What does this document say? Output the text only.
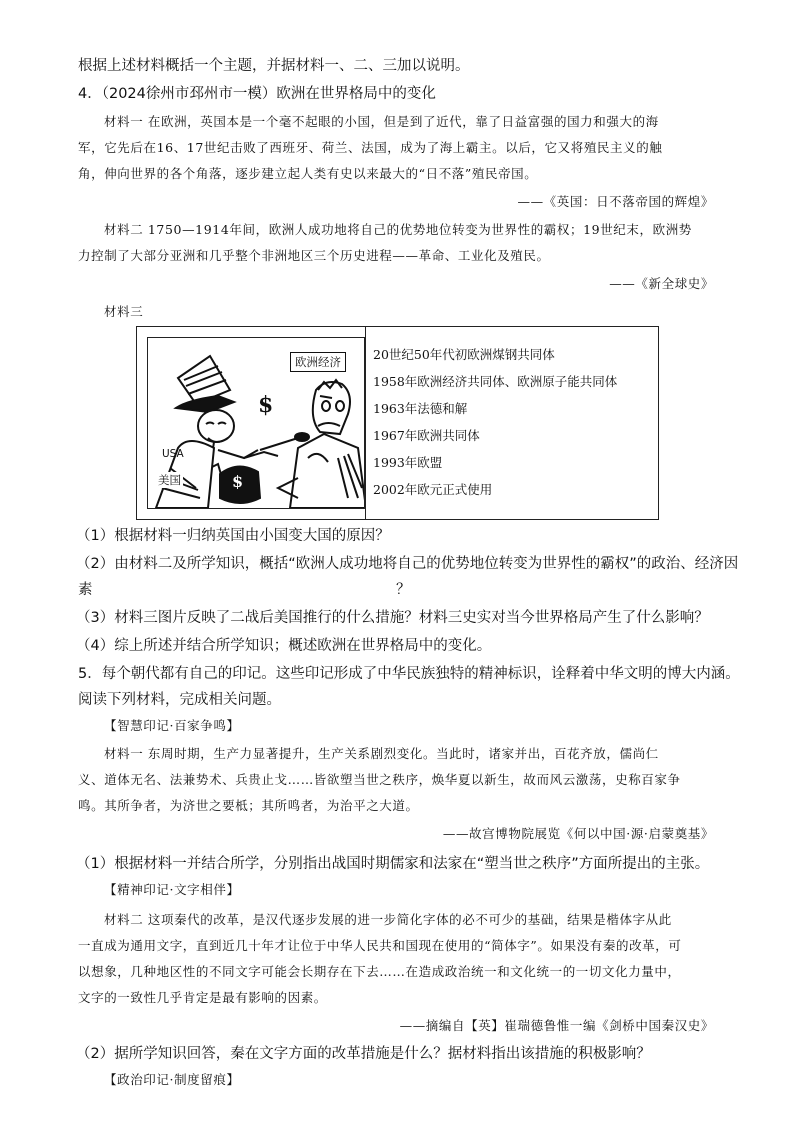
根据上述材料概括一个主题，并据材料一、二、三加以说明。
4．（2024徐州市邳州市一模）欧洲在世界格局中的变化
材料一 在欧洲，英国本是一个毫不起眼的小国，但是到了近代，靠了日益富强的国力和强大的海
军，它先后在16、17世纪击败了西班牙、荷兰、法国，成为了海上霸主。以后，它又将殖民主义的触
角，伸向世界的各个角落，逐步建立起人类有史以来最大的“日不落”殖民帝国。
——《英国：日不落帝国的辉煌》
材料二 1750—1914年间，欧洲人成功地将自己的优势地位转变为世界性的霸权；19世纪末，欧洲势
力控制了大部分亚洲和几乎整个非洲地区三个历史进程——革命、工业化及殖民。
——《新全球史》
材料三
欧洲经济
$
$
USA
美国
20世纪50年代初欧洲煤钢共同体
1958年欧洲经济共同体、欧洲原子能共同体
1963年法德和解
1967年欧洲共同体
1993年欧盟
2002年欧元正式使用
（1）根据材料一归纳英国由小国变大国的原因？
（2）由材料二及所学知识，概括“欧洲人成功地将自己的优势地位转变为世界性的霸权”的政治、经济因
素	？
（3）材料三图片反映了二战后美国推行的什么措施？材料三史实对当今世界格局产生了什么影响？
（4）综上所述并结合所学知识；概述欧洲在世界格局中的变化。
5．每个朝代都有自己的印记。这些印记形成了中华民族独特的精神标识，诠释着中华文明的博大内涵。
阅读下列材料，完成相关问题。
【智慧印记·百家争鸣】
材料一 东周时期，生产力显著提升，生产关系剧烈变化。当此时，诸家并出，百花齐放，儒尚仁
义、道体无名、法兼势术、兵贵止戈……皆欲塑当世之秩序，焕华夏以新生，故而风云激荡，史称百家争
鸣。其所争者，为济世之要柢；其所鸣者，为治平之大道。
——故宫博物院展览《何以中国·源·启蒙奠基》
（1）根据材料一并结合所学，分别指出战国时期儒家和法家在“塑当世之秩序”方面所提出的主张。
【精神印记·文字相伴】
材料二 这项秦代的改革，是汉代逐步发展的进一步简化字体的必不可少的基础，结果是楷体字从此
一直成为通用文字，直到近几十年才让位于中华人民共和国现在使用的“简体字”。如果没有秦的改革，可
以想象，几种地区性的不同文字可能会长期存在下去……在造成政治统一和文化统一的一切文化力量中，
文字的一致性几乎肯定是最有影响的因素。
——摘编自【英】崔瑞德鲁惟一编《剑桥中国秦汉史》
（2）据所学知识回答，秦在文字方面的改革措施是什么？据材料指出该措施的积极影响？
【政治印记·制度留痕】
